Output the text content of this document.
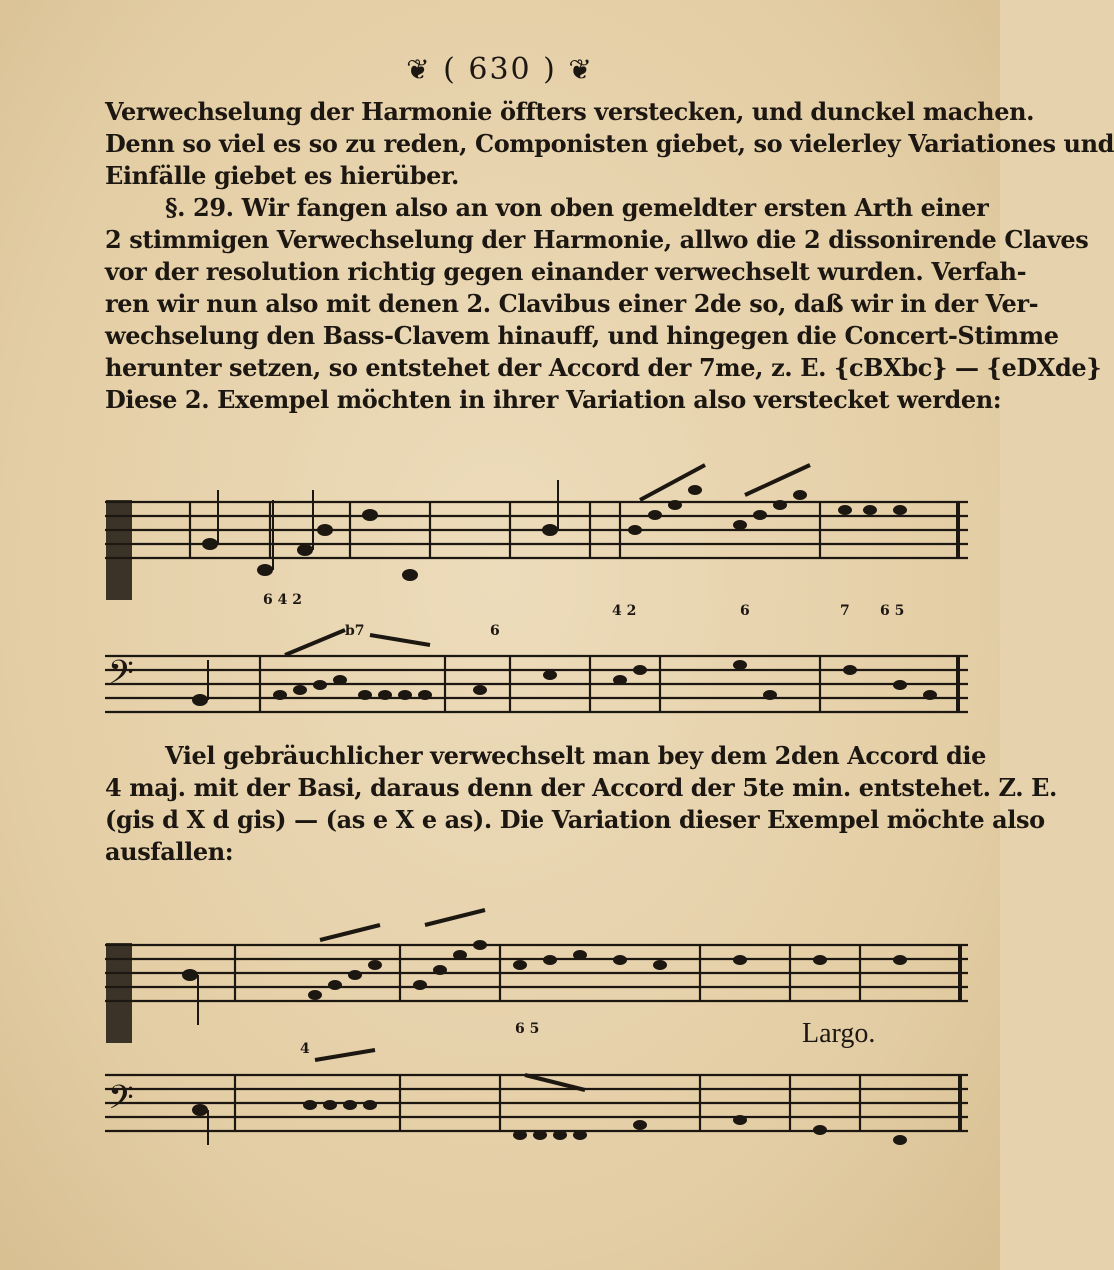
❦ ( 630 ) ❦
Verwechselung der Harmonie öffters verstecken, und dunckel machen.
Denn so viel es so zu reden, Componisten giebet, so vielerley Variationes und
Einfälle giebet es hierüber.
§. 29. Wir fangen also an von oben gemeldter ersten Arth einer
2 stimmigen Verwechselung der Harmonie, allwo die 2 dissonirende Claves
vor der resolution richtig gegen einander verwechselt wurden. Verfah-
ren wir nun also mit denen 2. Clavibus einer 2de so, daß wir in der Ver-
wechselung den Bass-Clavem hinauff, und hingegen die Concert-Stimme
herunter setzen, so entstehet der Accord der 7me, z. E. {cBXbc} — {eDXde}
Diese 2. Exempel möchten in ihrer Variation also verstecket werden:
𝄢
6 4 2
b7	6
4 2	6	7 6 5
Viel gebräuchlicher verwechselt man bey dem 2den Accord die
4 maj. mit der Basi, daraus denn der Accord der 5te min. entstehet. Z. E.
(gis d X d gis) — (as e X e as). Die Variation dieser Exempel möchte also
ausfallen:
𝄢
4
6 5	Largo.
